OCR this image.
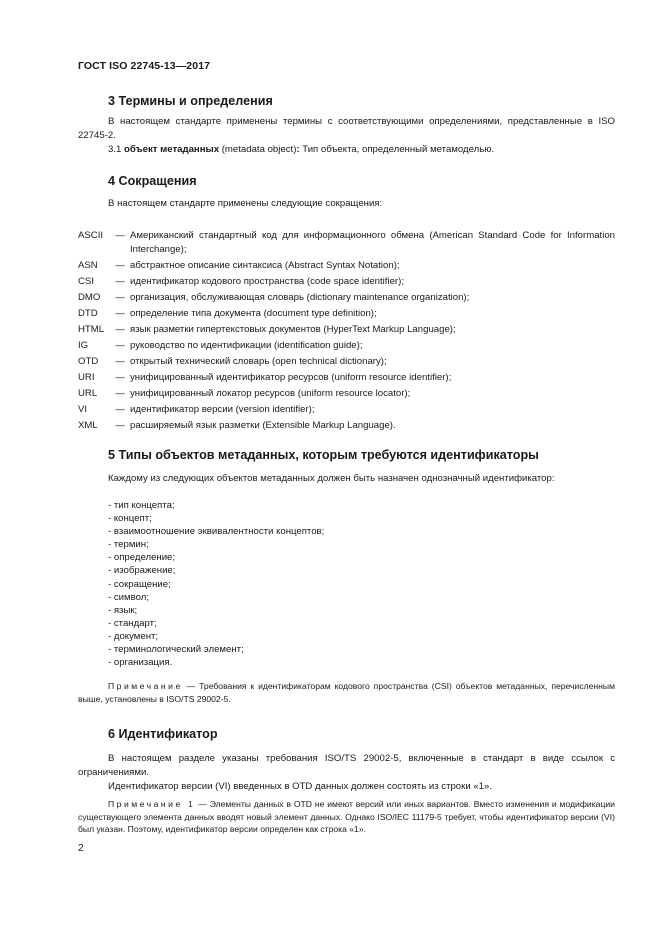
ГОСТ ISO 22745-13—2017
3 Термины и определения
В настоящем стандарте применены термины с соответствующими определениями, представленные в ISO 22745-2.
3.1 объект метаданных (metadata object): Тип объекта, определенный метамоделью.
4 Сокращения
В настоящем стандарте применены следующие сокращения:
ASCII	— Американский стандартный код для информационного обмена (American Standard Code for Information Interchange);
ASN	— абстрактное описание синтаксиса (Abstract Syntax Notation);
CSI	— идентификатор кодового пространства (code space identifier);
DMO	— организация, обслуживающая словарь (dictionary maintenance organization);
DTD	— определение типа документа (document type definition);
HTML	— язык разметки гипертекстовых документов (HyperText Markup Language);
IG	— руководство по идентификации (identification guide);
OTD	— открытый технический словарь (open technical dictionary);
URI	— унифицированный идентификатор ресурсов (uniform resource identifier);
URL	— унифицированный локатор ресурсов (uniform resource locator);
VI	— идентификатор версии (version identifier);
XML	— расширяемый язык разметки (Extensible Markup Language).
5 Типы объектов метаданных, которым требуются идентификаторы
Каждому из следующих объектов метаданных должен быть назначен однозначный идентификатор:
- тип концепта;
- концепт;
- взаимоотношение эквивалентности концептов;
- термин;
- определение;
- изображение;
- сокращение;
- символ;
- язык;
- стандарт;
- документ;
- терминологический элемент;
- организация.
Примечание — Требования к идентификаторам кодового пространства (CSI) объектов метаданных, перечисленным выше, установлены в ISO/TS 29002-5.
6 Идентификатор
В настоящем разделе указаны требования ISO/TS 29002-5, включенные в стандарт в виде ссылок с ограничениями.
Идентификатор версии (VI) введенных в OTD данных должен состоять из строки «1».
Примечание 1 — Элементы данных в OTD не имеют версий или иных вариантов. Вместо изменения и модификации существующего элемента данных вводят новый элемент данных. Однако ISO/IEC 11179-5 требует, чтобы идентификатор версии (VI) был указан. Поэтому, идентификатор версии определен как строка «1».
2
